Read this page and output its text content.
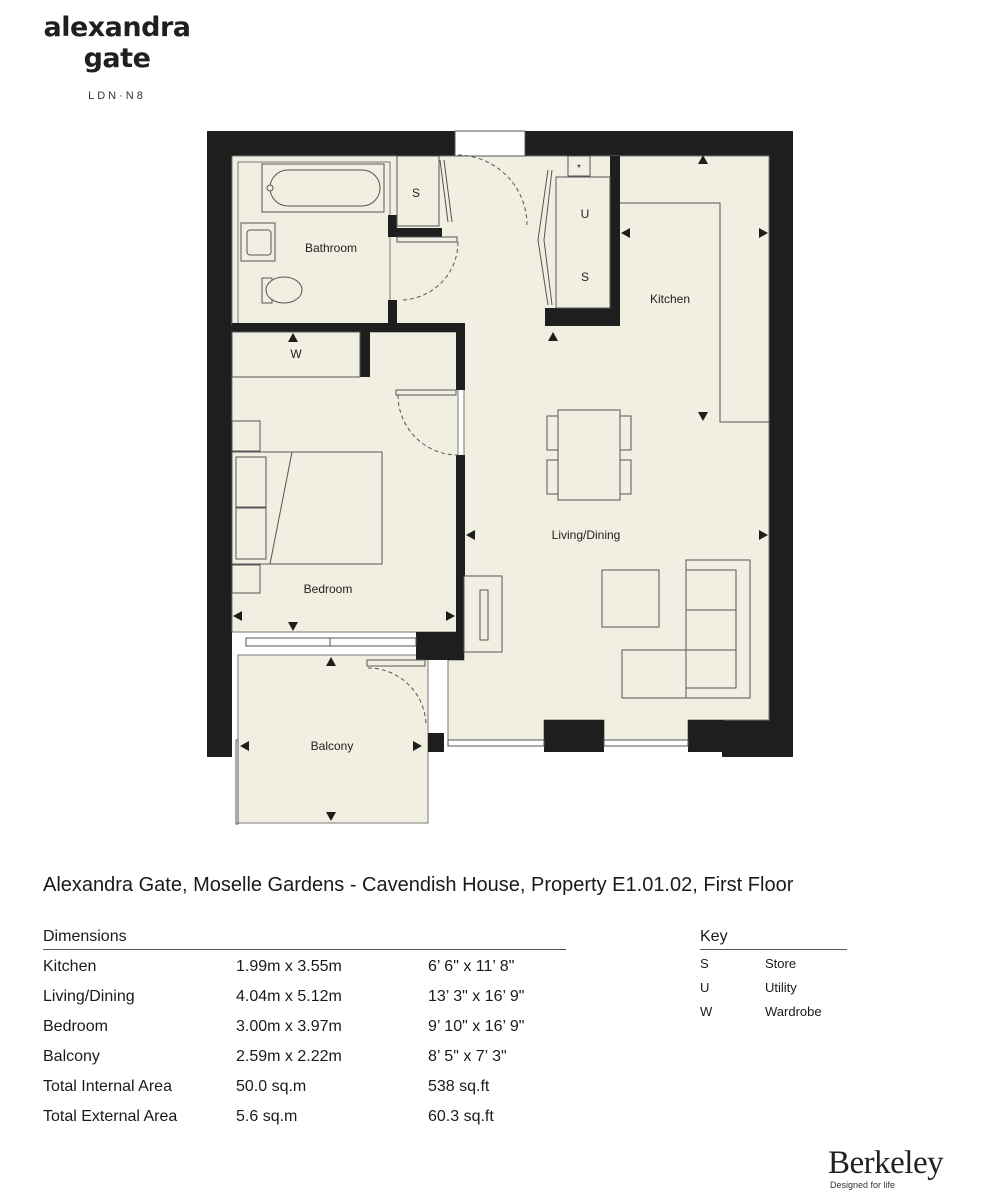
alexandra
gate
LDN·N8
Bathroom
Kitchen
Living/Dining
Bedroom
Balcony
S
U
S
W
*
Alexandra Gate, Moselle Gardens - Cavendish House, Property E1.01.02, First Floor
Dimensions
Kitchen	1.99m x 3.55m	6’ 6" x 11’ 8"
Living/Dining	4.04m x 5.12m	13’ 3" x 16’ 9"
Bedroom	3.00m x 3.97m	9’ 10" x 16’ 9"
Balcony	2.59m x 2.22m	8’ 5" x 7’ 3"
Total Internal Area	50.0 sq.m	538 sq.ft
Total External Area	5.6 sq.m	60.3 sq.ft
Key
S	Store
U	Utility
W	Wardrobe
Berkeley
Designed for life
